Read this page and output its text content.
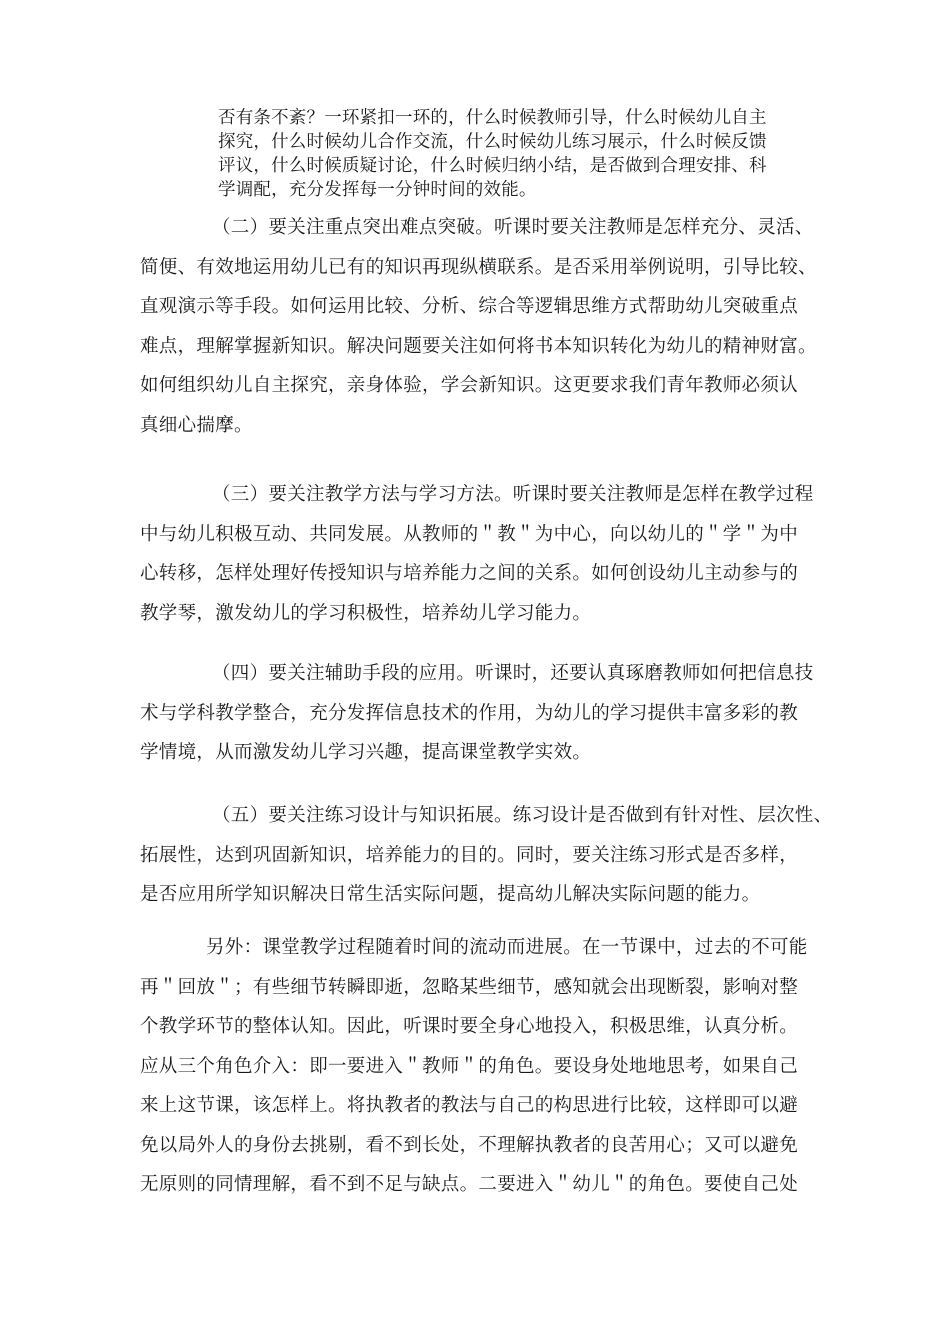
否有条不紊？一环紧扣一环的，什么时候教师引导，什么时候幼儿自主
探究，什么时候幼儿合作交流，什么时候幼儿练习展示，什么时候反馈
评议，什么时候质疑讨论，什么时候归纳小结，是否做到合理安排、科
学调配，充分发挥每一分钟时间的效能。
（二）要关注重点突出难点突破。听课时要关注教师是怎样充分、灵活、
简便、有效地运用幼儿已有的知识再现纵横联系。是否采用举例说明，引导比较、
直观演示等手段。如何运用比较、分析、综合等逻辑思维方式帮助幼儿突破重点
难点，理解掌握新知识。解决问题要关注如何将书本知识转化为幼儿的精神财富。
如何组织幼儿自主探究，亲身体验，学会新知识。这更要求我们青年教师必须认
真细心揣摩。
（三）要关注教学方法与学习方法。听课时要关注教师是怎样在教学过程
中与幼儿积极互动、共同发展。从教师的＂教＂为中心，向以幼儿的＂学＂为中
心转移，怎样处理好传授知识与培养能力之间的关系。如何创设幼儿主动参与的
教学琴，激发幼儿的学习积极性，培养幼儿学习能力。
（四）要关注辅助手段的应用。听课时，还要认真琢磨教师如何把信息技
术与学科教学整合，充分发挥信息技术的作用，为幼儿的学习提供丰富多彩的教
学情境，从而激发幼儿学习兴趣，提高课堂教学实效。
（五）要关注练习设计与知识拓展。练习设计是否做到有针对性、层次性、
拓展性，达到巩固新知识，培养能力的目的。同时，要关注练习形式是否多样，
是否应用所学知识解决日常生活实际问题，提高幼儿解决实际问题的能力。
另外：课堂教学过程随着时间的流动而进展。在一节课中，过去的不可能
再＂回放＂；有些细节转瞬即逝，忽略某些细节，感知就会出现断裂，影响对整
个教学环节的整体认知。因此，听课时要全身心地投入，积极思维，认真分析。
应从三个角色介入：即一要进入＂教师＂的角色。要设身处地地思考，如果自己
来上这节课，该怎样上。将执教者的教法与自己的构思进行比较，这样即可以避
免以局外人的身份去挑剔，看不到长处，不理解执教者的良苦用心；又可以避免
无原则的同情理解，看不到不足与缺点。二要进入＂幼儿＂的角色。要使自己处
